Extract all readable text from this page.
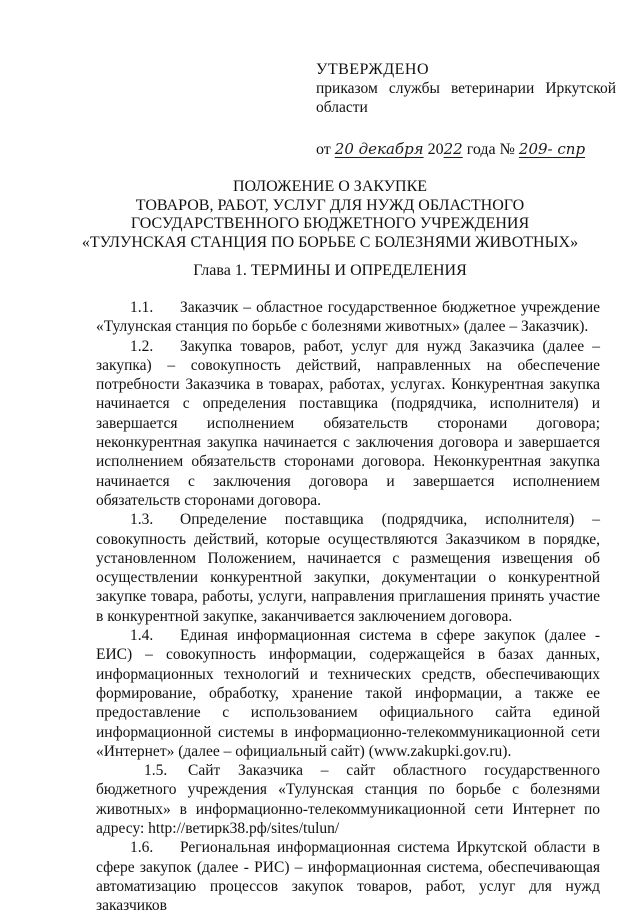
УТВЕРЖДЕНО
приказом службы ветеринарии Иркутской
области
от 20 декабря 2022 года № 209- спр
ПОЛОЖЕНИЕ О ЗАКУПКЕ
ТОВАРОВ, РАБОТ, УСЛУГ ДЛЯ НУЖД ОБЛАСТНОГО
ГОСУДАРСТВЕННОГО БЮДЖЕТНОГО УЧРЕЖДЕНИЯ
«ТУЛУНСКАЯ СТАНЦИЯ ПО БОРЬБЕ С БОЛЕЗНЯМИ ЖИВОТНЫХ»
Глава 1. ТЕРМИНЫ И ОПРЕДЕЛЕНИЯ

1.1. Заказчик – областное государственное бюджетное учреждение «Тулунская станция по борьбе с болезнями животных» (далее – Заказчик).

1.2. Закупка товаров, работ, услуг для нужд Заказчика (далее – закупка) – совокупность действий, направленных на обеспечение потребности Заказчика в товарах, работах, услугах. Конкурентная закупка начинается с определения поставщика (подрядчика, исполнителя) и завершается исполнением обязательств сторонами договора; неконкурентная закупка начинается с заключения договора и завершается исполнением обязательств сторонами договора. Неконкурентная закупка начинается с заключения договора и завершается исполнением обязательств сторонами договора.

1.3. Определение поставщика (подрядчика, исполнителя) – совокупность действий, которые осуществляются Заказчиком в порядке, установленном Положением, начинается с размещения извещения об осуществлении конкурентной закупки, документации о конкурентной закупке товара, работы, услуги, направления приглашения принять участие в конкурентной закупке, заканчивается заключением договора.

1.4. Единая информационная система в сфере закупок (далее - ЕИС) – совокупность информации, содержащейся в базах данных, информационных технологий и технических средств, обеспечивающих формирование, обработку, хранение такой информации, а также ее предоставление с использованием официального сайта единой информационной системы в информационно-телекоммуникационной сети «Интернет» (далее – официальный сайт) (www.zakupki.gov.ru).

1.5. Сайт Заказчика – сайт областного государственного бюджетного учреждения «Тулунская станция по борьбе с болезнями животных» в информационно-телекоммуникационной сети Интернет по адресу: http://ветирк38.рф/sites/tulun/

1.6. Региональная информационная система Иркутской области в сфере закупок (далее - РИС) – информационная система, обеспечивающая автоматизацию процессов закупок товаров, работ, услуг для нужд заказчиков
